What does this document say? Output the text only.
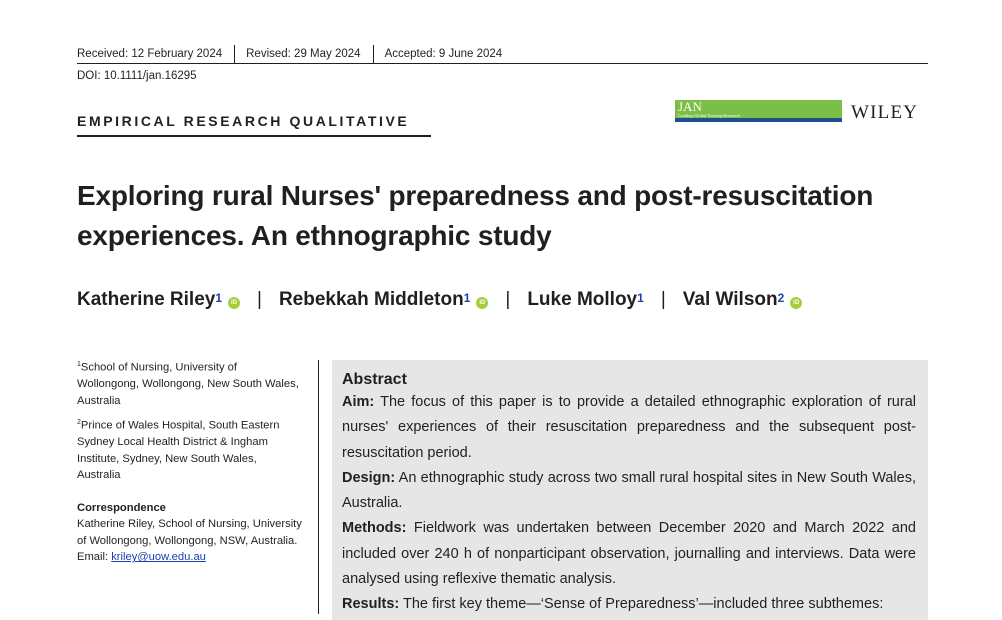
Received: 12 February 2024	Revised: 29 May 2024	Accepted: 9 June 2024
DOI: 10.1111/jan.16295
EMPIRICAL RESEARCH QUALITATIVE
JAN
Leading Global Nursing Research	WILEY
Exploring rural Nurses' preparedness and post-resuscitation experiences. An ethnographic study
Katherine Riley$^1$	iD | Rebekkah Middleton$^1$	iD | Luke Molloy$^1$ | Val Wilson$^2$	iD

$^1$School of Nursing, University of Wollongong, Wollongong, New South Wales, Australia

$^2$Prince of Wales Hospital, South Eastern Sydney Local Health District & Ingham Institute, Sydney, New South Wales, Australia

Correspondence

Katherine Riley, School of Nursing, University of Wollongong, Wollongong, NSW, Australia.
Email: kriley@uow.edu.au

Abstract

Aim: The focus of this paper is to provide a detailed ethnographic exploration of rural nurses' experiences of their resuscitation preparedness and the subsequent post-resuscitation period.

Design: An ethnographic study across two small rural hospital sites in New South Wales, Australia.

Methods: Fieldwork was undertaken between December 2020 and March 2022 and included over 240 h of nonparticipant observation, journalling and interviews. Data were analysed using reflexive thematic analysis.

Results: The first key theme—‘Sense of Preparedness’—included three subthemes:
